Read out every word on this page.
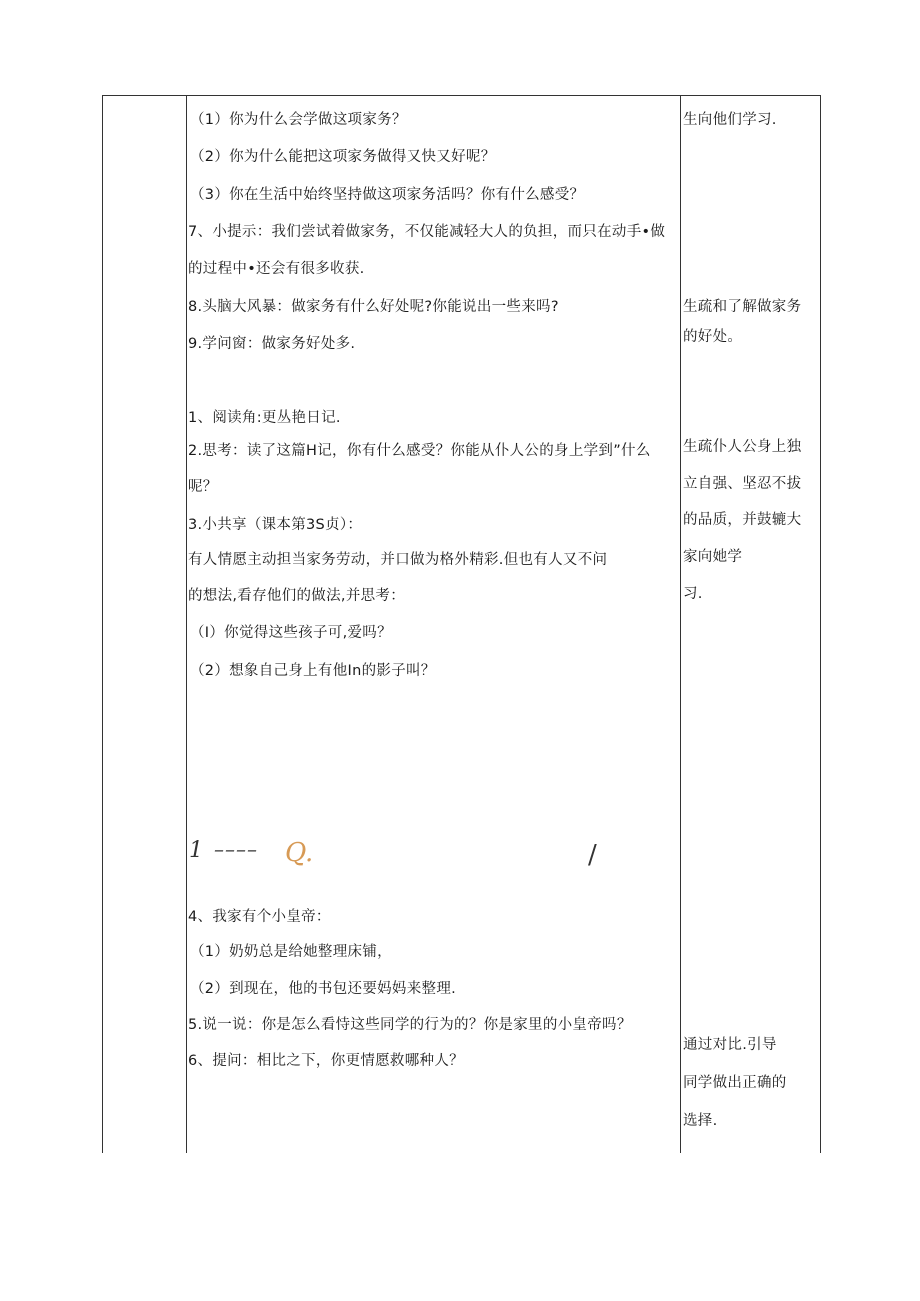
（1）你为什么会学做这项家务？
（2）你为什么能把这项家务做得又快又好呢？
（3）你在生活中始终坚持做这项家务活吗？你有什么感受？
7、小提示：我们尝试着做家务，不仅能减轻大人的负担，而只在动手•做
的过程中•还会有很多收获.
8.头脑大风暴：做家务有什么好处呢?你能说出一些来吗?
9.学问窗：做家务好处多.
1、阅读角:更丛艳日记.
2.思考：读了这篇H记，你有什么感受？你能从仆人公的身上学到”什么
呢？
3.小共享（课本第3S贞）：
有人情愿主动担当家务劳动，并口做为格外精彩.但也有人又不问
的想法,看存他们的做法,并思考：
（I）你觉得这些孩子可,爱吗？
（2）想象自己身上有他In的影子叫？
1 –––– Q.	/
4、我家有个小皇帝：
（1）奶奶总是给她整理床铺，
（2）到现在，他的书包还要妈妈来整理.
5.说一说：你是怎么看恃这些同学的行为的？你是家里的小皇帝吗？
6、提问：相比之下，你更情愿救哪种人？
生向他们学习.
生疏和了解做家务
的好处。
生疏仆人公身上独
立自强、坚忍不拔
的品质，并鼓辘大
家向她学
习.
通过对比.引导
同学做出正确的
选择.
